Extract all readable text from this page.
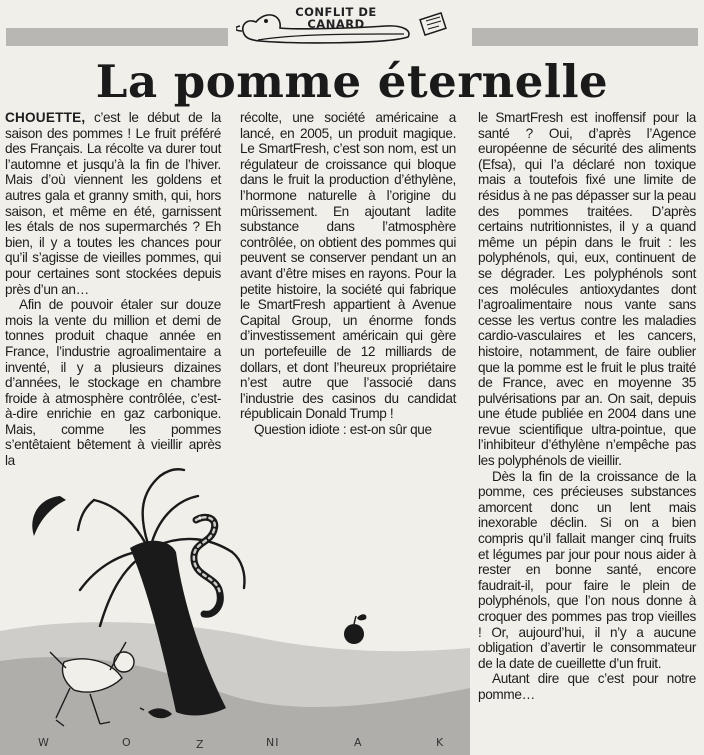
CONFLIT DE
CANARD
La pomme éternelle

CHOUETTE, c’est le début de la saison des pommes ! Le fruit préféré des Français. La récolte va durer tout l’automne et jusqu’à la fin de l’hiver. Mais d’où viennent les goldens et autres gala et granny smith, qui, hors saison, et même en été, garnissent les étals de nos supermarchés ? Eh bien, il y a toutes les chances pour qu’il s’agisse de vieilles pommes, qui pour certaines sont stockées depuis près d’un an…

Afin de pouvoir étaler sur douze mois la vente du million et demi de tonnes produit chaque année en France, l’industrie agroalimentaire a inventé, il y a plusieurs dizaines d’années, le stockage en chambre froide à atmosphère contrôlée, c’est-à-dire enrichie en gaz carbonique. Mais, comme les pommes s’entêtaient bêtement à vieillir après la

récolte, une société américaine a lancé, en 2005, un produit magique. Le SmartFresh, c’est son nom, est un régulateur de croissance qui bloque dans le fruit la production d’éthylène, l’hormone naturelle à l’origine du mûrissement. En ajoutant ladite substance dans l’atmosphère contrôlée, on obtient des pommes qui peuvent se conserver pendant un an avant d’être mises en rayons. Pour la petite histoire, la société qui fabrique le SmartFresh appartient à Avenue Capital Group, un énorme fonds d’investissement américain qui gère un portefeuille de 12 milliards de dollars, et dont l’heureux propriétaire n’est autre que l’associé dans l’industrie des casinos du candidat républicain Donald Trump !

Question idiote : est-on sûr que

le SmartFresh est inoffensif pour la santé ? Oui, d’après l’Agence européenne de sécurité des aliments (Efsa), qui l’a déclaré non toxique mais a toutefois fixé une limite de résidus à ne pas dépasser sur la peau des pommes traitées. D’après certains nutritionnistes, il y a quand même un pépin dans le fruit : les polyphénols, qui, eux, continuent de se dégrader. Les polyphénols sont ces molécules antioxydantes dont l’agroalimentaire nous vante sans cesse les vertus contre les maladies cardio-vasculaires et les cancers, histoire, notamment, de faire oublier que la pomme est le fruit le plus traité de France, avec en moyenne 35 pulvérisations par an. On sait, depuis une étude publiée en 2004 dans une revue scientifique ultra-pointue, que l’inhibiteur d’éthylène n’empêche pas les polyphénols de vieillir.

Dès la fin de la croissance de la pomme, ces précieuses substances amorcent donc un lent mais inexorable déclin. Si on a bien compris qu’il fallait manger cinq fruits et légumes par jour pour nous aider à rester en bonne santé, encore faudrait-il, pour faire le plein de polyphénols, que l’on nous donne à croquer des pommes pas trop vieilles ! Or, aujourd’hui, il n’y a aucune obligation d’avertir le consommateur de la date de cueillette d’un fruit.

Autant dire que c’est pour notre pomme…

W	O	Z	NI	A	K
